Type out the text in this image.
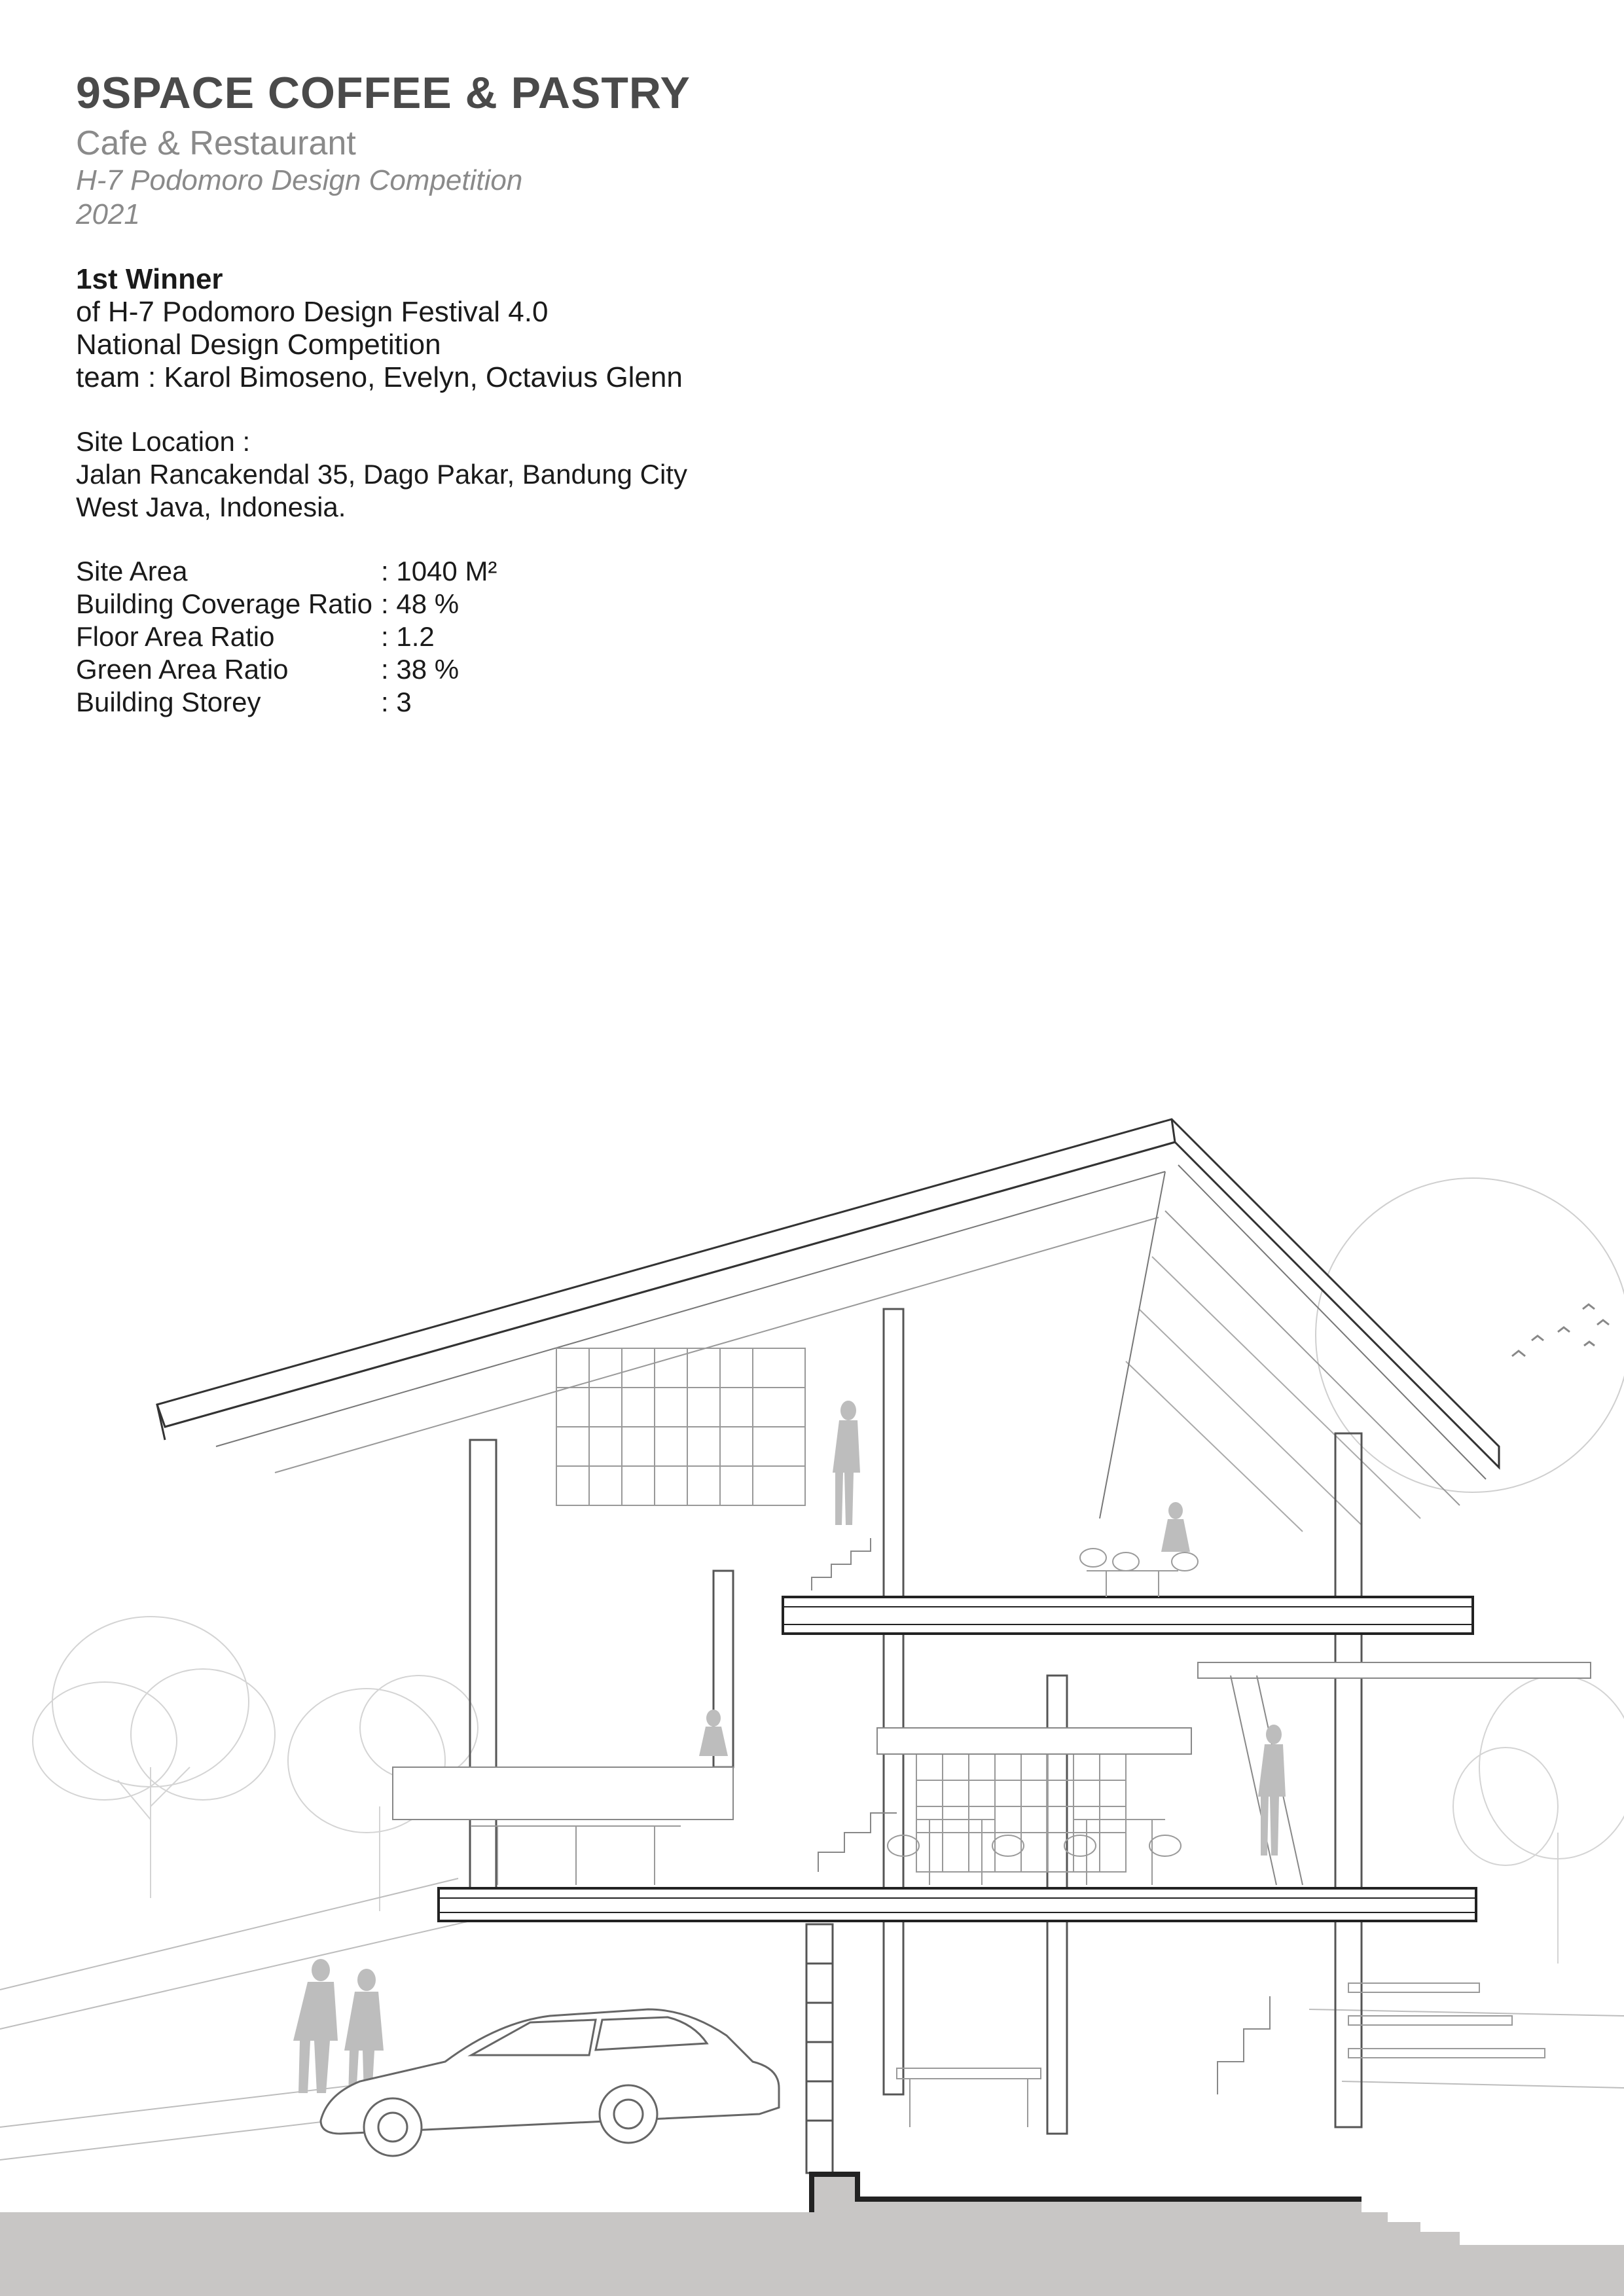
9SPACE COFFEE & PASTRY
Cafe & Restaurant
H-7 Podomoro Design Competition
2021
1st Winner
of H-7 Podomoro Design Festival 4.0
National Design Competition
team : Karol Bimoseno, Evelyn, Octavius Glenn
Site Location :
Jalan Rancakendal 35, Dago Pakar, Bandung City
West Java, Indonesia.
Site Area	: 1040 M²
Building Coverage Ratio : 48 %
Floor Area Ratio	: 1.2
Green Area Ratio	: 38 %
Building Storey	: 3
